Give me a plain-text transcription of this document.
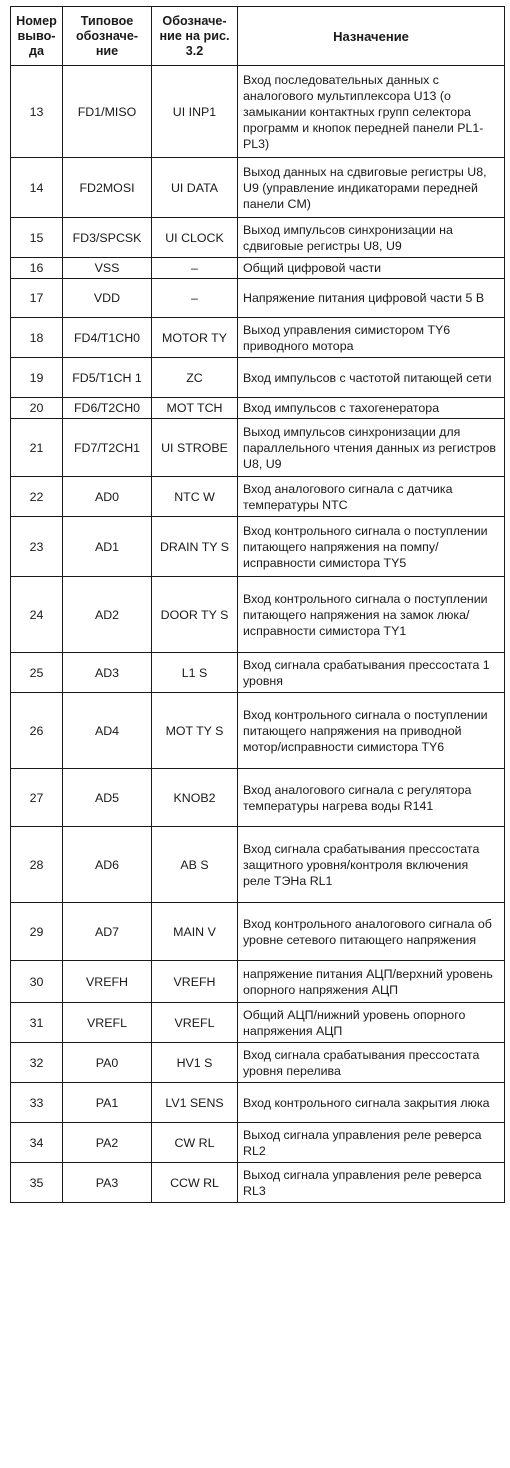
Номер выво-да	Типовое обозначе-ние	Обозначе-ние на рис. 3.2	Назначение
13	FD1/MISO	UI INP1	Вход последовательных данных с аналогового мультиплексора U13 (о замыкании контактных групп селектора программ и кнопок передней панели PL1-PL3)
14	FD2MOSI	UI DATA	Выход данных на сдвиговые регистры U8, U9 (управление индикаторами передней панели CM)
15	FD3/SPCSK	UI CLOCK	Выход импульсов синхронизации на сдвиговые регистры U8, U9
16	VSS	–	Общий цифровой части
17	VDD	–	Напряжение питания цифровой части 5 В
18	FD4/T1CH0	MOTOR TY	Выход управления симистором TY6 приводного мотора
19	FD5/T1CH 1	ZC	Вход импульсов с частотой питающей сети
20	FD6/T2CH0	MOT TCH	Вход импульсов с тахогенератора
21	FD7/T2CH1	UI STROBE	Выход импульсов синхронизации для параллельного чтения данных из регистров U8, U9
22	AD0	NTC W	Вход аналогового сигнала с датчика температуры NTC
23	AD1	DRAIN TY S	Вход контрольного сигнала о поступлении питающего напряжения на помпу/исправности симистора TY5
24	AD2	DOOR TY S	Вход контрольного сигнала о поступлении питающего напряжения на замок люка/исправности симистора TY1
25	AD3	L1 S	Вход сигнала срабатывания прессостата 1 уровня
26	AD4	MOT TY S	Вход контрольного сигнала о поступлении питающего напряжения на приводной мотор/исправности симистора TY6
27	AD5	KNOB2	Вход аналогового сигнала с регулятора температуры нагрева воды R141
28	AD6	AB S	Вход сигнала срабатывания прессостата защитного уровня/контроля включения реле ТЭНа RL1
29	AD7	MAIN V	Вход контрольного аналогового сигнала об уровне сетевого питающего напряжения
30	VREFH	VREFH	напряжение питания АЦП/верхний уровень опорного напряжения АЦП
31	VREFL	VREFL	Общий АЦП/нижний уровень опорного напряжения АЦП
32	PA0	HV1 S	Вход сигнала срабатывания прессостата уровня перелива
33	PA1	LV1 SENS	Вход контрольного сигнала закрытия люка
34	PA2	CW RL	Выход сигнала управления реле реверса RL2
35	PA3	CCW RL	Выход сигнала управления реле реверса RL3
